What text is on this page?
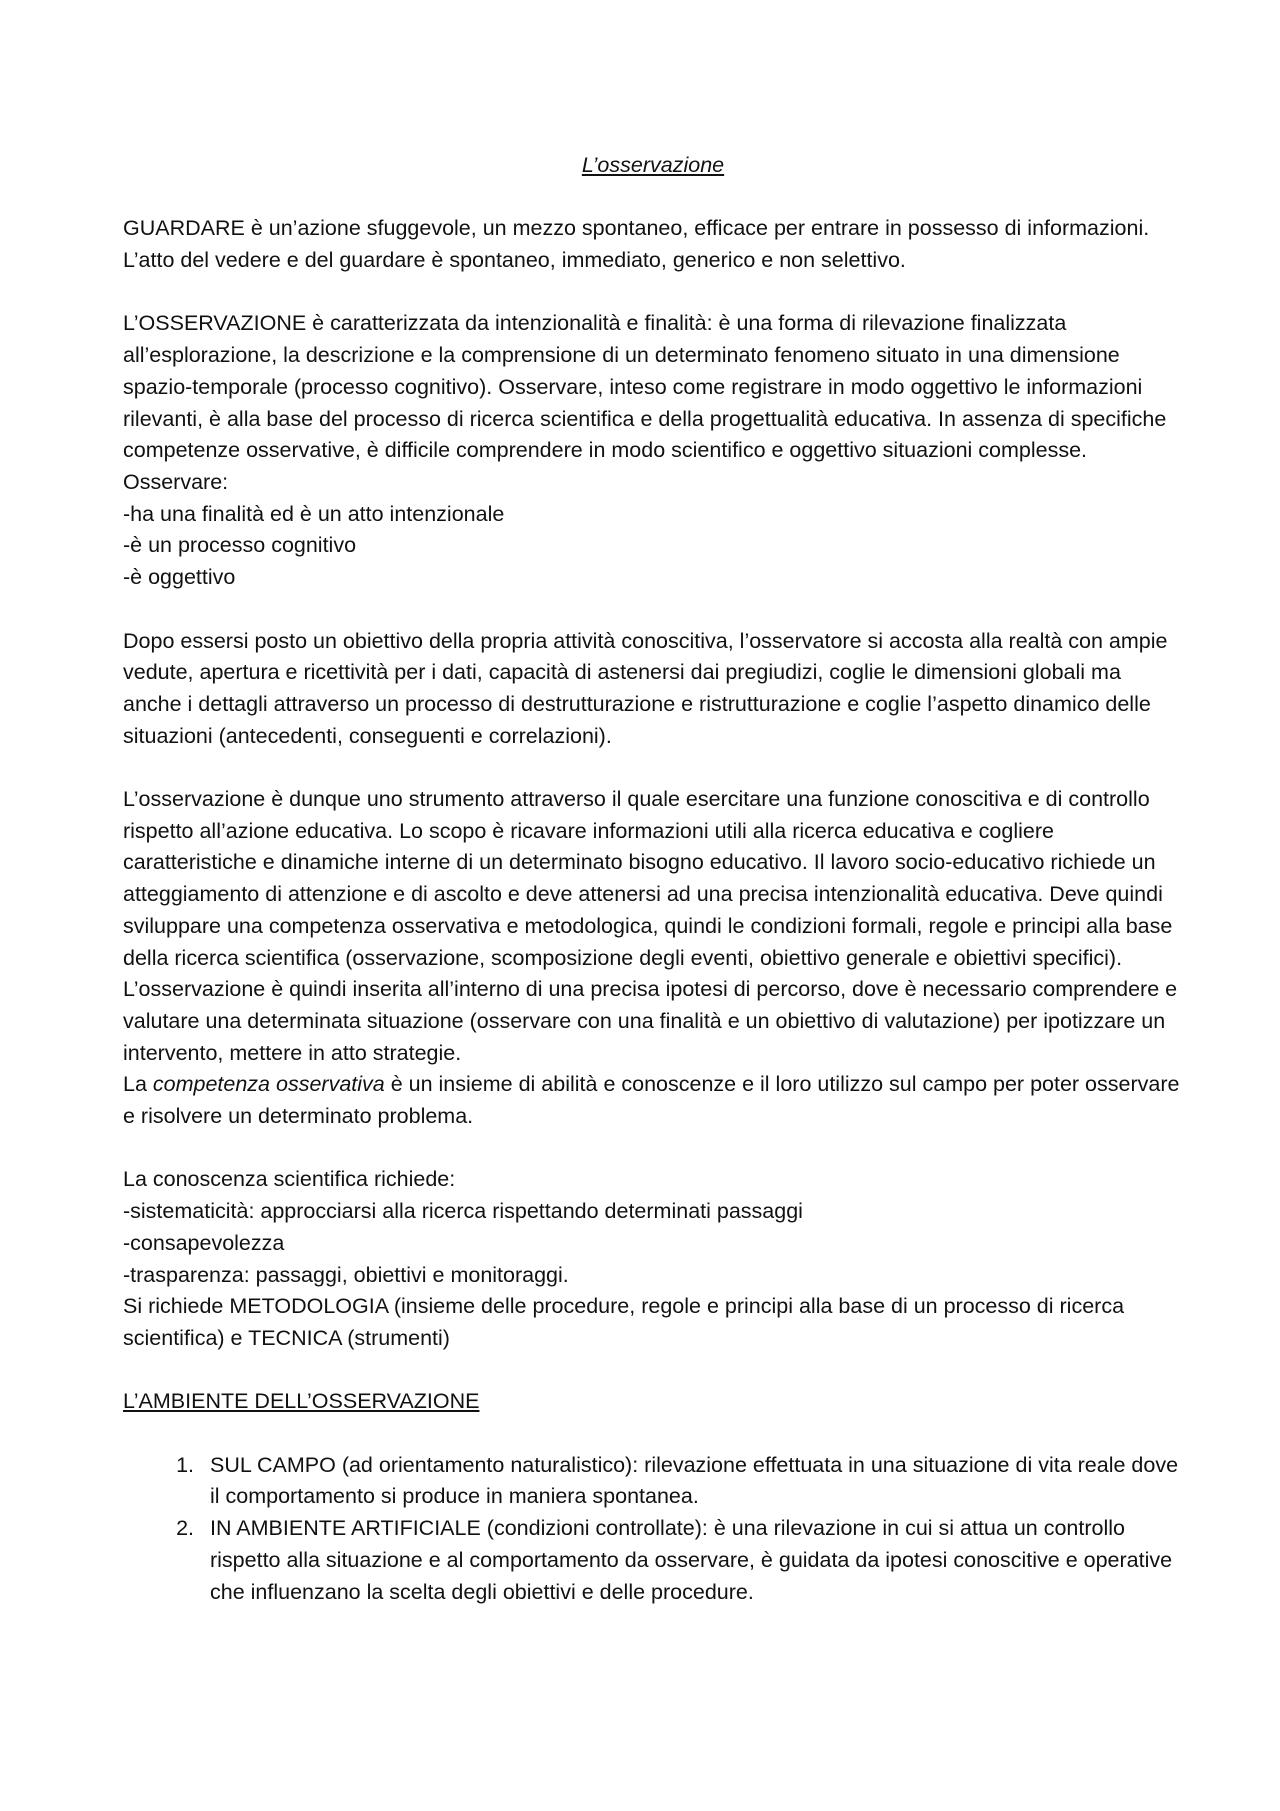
L’osservazione

GUARDARE è un’azione sfuggevole, un mezzo spontaneo, efficace per entrare in possesso di informazioni. L’atto del vedere e del guardare è spontaneo, immediato, generico e non selettivo.

L’OSSERVAZIONE è caratterizzata da intenzionalità e finalità: è una forma di rilevazione finalizzata all’esplorazione, la descrizione e la comprensione di un determinato fenomeno situato in una dimensione spazio-temporale (processo cognitivo). Osservare, inteso come registrare in modo oggettivo le informazioni rilevanti, è alla base del processo di ricerca scientifica e della progettualità educativa. In assenza di specifiche competenze osservative, è difficile comprendere in modo scientifico e oggettivo situazioni complesse.

Osservare:

-ha una finalità ed è un atto intenzionale

-è un processo cognitivo

-è oggettivo

Dopo essersi posto un obiettivo della propria attività conoscitiva, l’osservatore si accosta alla realtà con ampie vedute, apertura e ricettività per i dati, capacità di astenersi dai pregiudizi, coglie le dimensioni globali ma anche i dettagli attraverso un processo di destrutturazione e ristrutturazione e coglie l’aspetto dinamico delle situazioni (antecedenti, conseguenti e correlazioni).

L’osservazione è dunque uno strumento attraverso il quale esercitare una funzione conoscitiva e di controllo rispetto all’azione educativa. Lo scopo è ricavare informazioni utili alla ricerca educativa e cogliere caratteristiche e dinamiche interne di un determinato bisogno educativo. Il lavoro socio-educativo richiede un atteggiamento di attenzione e di ascolto e deve attenersi ad una precisa intenzionalità educativa. Deve quindi sviluppare una competenza osservativa e metodologica, quindi le condizioni formali, regole e principi alla base della ricerca scientifica (osservazione, scomposizione degli eventi, obiettivo generale e obiettivi specifici).

L’osservazione è quindi inserita all’interno di una precisa ipotesi di percorso, dove è necessario comprendere e valutare una determinata situazione (osservare con una finalità e un obiettivo di valutazione) per ipotizzare un intervento, mettere in atto strategie.

La competenza osservativa è un insieme di abilità e conoscenze e il loro utilizzo sul campo per poter osservare e risolvere un determinato problema.

La conoscenza scientifica richiede:

-sistematicità: approcciarsi alla ricerca rispettando determinati passaggi

-consapevolezza

-trasparenza: passaggi, obiettivi e monitoraggi.

Si richiede METODOLOGIA (insieme delle procedure, regole e principi alla base di un processo di ricerca scientifica) e TECNICA (strumenti)

L’AMBIENTE DELL’OSSERVAZIONE

1. SUL CAMPO (ad orientamento naturalistico): rilevazione effettuata in una situazione di vita reale dove il comportamento si produce in maniera spontanea.
2. IN AMBIENTE ARTIFICIALE (condizioni controllate): è una rilevazione in cui si attua un controllo rispetto alla situazione e al comportamento da osservare, è guidata da ipotesi conoscitive e operative che influenzano la scelta degli obiettivi e delle procedure.
